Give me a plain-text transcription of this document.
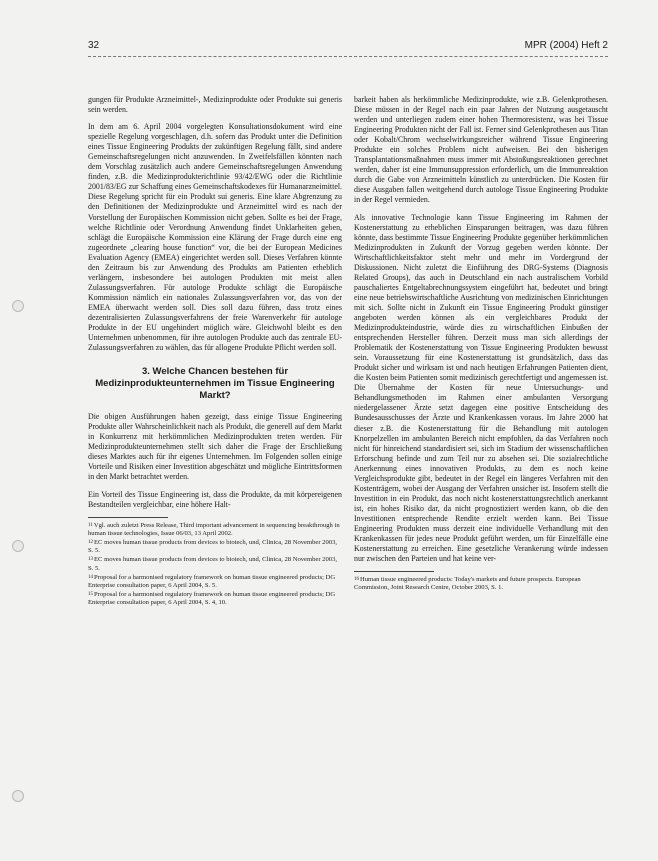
32	MPR (2004) Heft 2

gungen für Produkte Arzneimittel-, Medizinprodukte oder Produkte sui generis sein werden.

In dem am 6. April 2004 vorgelegten Konsultationsdokument wird eine spezielle Regelung vorgeschlagen, d.h. sofern das Produkt unter die Definition eines Tissue Engineering Produkts der zukünftigen Regelung fällt, sind andere Gemeinschaftsregelungen nicht anzuwenden. In Zweifelsfällen könnten nach dem Vorschlag zusätzlich auch andere Gemeinschaftsregelungen Anwendung finden, z.B. die Medizinprodukterichtlinie 93/42/EWG oder die Richtlinie 2001/83/EG zur Schaffung eines Gemeinschaftskodexes für Humanarzneimittel. Diese Regelung spricht für ein Produkt sui generis. Eine klare Abgrenzung zu den Definitionen der Medizinprodukte und Arzneimittel wird es nach der Vorstellung der Europäischen Kommission nicht geben. Sollte es bei der Frage, welche Richtlinie oder Verordnung Anwendung findet Unklarheiten geben, schlägt die Europäische Kommission eine Klärung der Frage durch eine eng zugeordnete „clearing house function“ vor, die bei der European Medicines Evaluation Agency (EMEA) eingerichtet werden soll. Dieses Verfahren könnte den Zeitraum bis zur Anwendung des Produkts am Patienten erheblich verlängern, insbesondere bei autologen Produkten mit meist allen Zulassungsverfahren. Für autologe Produkte schlägt die Europäische Kommission nämlich ein nationales Zulassungsverfahren vor, das von der EMEA überwacht werden soll. Dies soll dazu führen, dass trotz eines dezentralisierten Zulassungsverfahrens der freie Warenverkehr für autologe Produkte in der EU ungehindert möglich wäre. Gleichwohl bleibt es den Unternehmen unbenommen, für ihre autologen Produkte auch das zentrale EU-Zulassungsverfahren zu wählen, das für allogene Produkte Pflicht werden soll.

3. Welche Chancen bestehen für Medizinprodukteunternehmen im Tissue Engineering Markt?

Die obigen Ausführungen haben gezeigt, dass einige Tissue Engineering Produkte aller Wahrscheinlichkeit nach als Produkt, die generell auf dem Markt in Konkurrenz mit herkömmlichen Medizinprodukten treten werden. Für Medizinprodukteunternehmen stellt sich daher die Frage der Erschließung dieses Marktes auch für ihr eigenes Unternehmen. Im Folgenden sollen einige Vorteile und Risiken einer Investition abgeschätzt und mögliche Eintrittsformen in den Markt betrachtet werden.

Ein Vorteil des Tissue Engineering ist, dass die Produkte, da mit körpereigenen Bestandteilen vergleichbar, eine höhere Halt-

$^{11}$Vgl. auch zuletzt Press Release, Third important advancement in sequencing breakthrough in human tissue technologies, Issue 06/03, 13 April 2002.
$^{12}$EC moves human tissue products from devices to biotech, und, Clinica, 28 November 2003, S. 5.
$^{13}$EC moves human tissue products from devices to biotech, und, Clinica, 28 November 2003, S. 5.
$^{14}$Proposal for a harmonised regulatory framework on human tissue engineered products; DG Enterprise consultation paper, 6 April 2004, S. 5.
$^{15}$Proposal for a harmonised regulatory framework on human tissue engineered products; DG Enterprise consultation paper, 6 April 2004, S. 4, 10.

barkeit haben als herkömmliche Medizinprodukte, wie z.B. Gelenkprothesen. Diese müssen in der Regel nach ein paar Jahren der Nutzung ausgetauscht werden und unterliegen zudem einer hohen Thermoresistenz, was bei Tissue Engineering Produkten nicht der Fall ist. Ferner sind Gelenkprothesen aus Titan oder Kobalt/Chrom wechselwirkungsreicher während Tissue Engineering Produkte ein solches Problem nicht aufweisen. Bei den bisherigen Transplantationsmaßnahmen muss immer mit Abstoßungsreaktionen gerechnet werden, daher ist eine Immunsuppression erforderlich, um die Immunreaktion durch die Gabe von Arzneimitteln künstlich zu unterdrücken. Die Kosten für diese Ausgaben fallen weitgehend durch autologe Tissue Engineering Produkte in der Regel vermieden.

Als innovative Technologie kann Tissue Engineering im Rahmen der Kostenerstattung zu erheblichen Einsparungen beitragen, was dazu führen könnte, dass bestimmte Tissue Engineering Produkte gegenüber herkömmlichen Medizinprodukten in Zukunft der Vorzug gegeben werden könnte. Der Wirtschaftlichkeitsfaktor steht mehr und mehr im Vordergrund der Diskussionen. Nicht zuletzt die Einführung des DRG-Systems (Diagnosis Related Groups), das auch in Deutschland ein nach australischem Vorbild pauschaliertes Entgeltabrechnungssystem eingeführt hat, bedeutet und bringt eine neue betriebswirtschaftliche Ausrichtung von medizinischen Einrichtungen mit sich. Sollte nicht in Zukunft ein Tissue Engineering Produkt günstiger angeboten werden können als ein vergleichbares Produkt der Medizinprodukteindustrie, würde dies zu wirtschaftlichen Einbußen der entsprechenden Hersteller führen. Derzeit muss man sich allerdings der Problematik der Kostenerstattung von Tissue Engineering Produkten bewusst sein. Voraussetzung für eine Kostenerstattung ist grundsätzlich, dass das Produkt sicher und wirksam ist und nach heutigen Erfahrungen Patienten dient, die Kosten beim Patienten somit medizinisch gerechtfertigt und angemessen ist. Die Übernahme der Kosten für neue Untersuchungs- und Behandlungsmethoden im Rahmen einer ambulanten Versorgung niedergelassener Ärzte setzt dagegen eine positive Entscheidung des Bundesausschusses der Ärzte und Krankenkassen voraus. Im Jahre 2000 hat dieser z.B. die Kostenerstattung für die Behandlung mit autologen Knorpelzellen im ambulanten Bereich nicht empfohlen, da das Verfahren noch nicht für hinreichend standardisiert sei, sich im Stadium der wissenschaftlichen Erforschung befinde und zum Teil nur zu absehen sei. Die sozialrechtliche Anerkennung eines innovativen Produkts, zu dem es noch keine Vergleichsprodukte gibt, bedeutet in der Regel ein längeres Verfahren mit den Kostenträgern, wobei der Ausgang der Verfahren unsicher ist. Insofern stellt die Investition in ein Produkt, das noch nicht kostenerstattungsrechtlich anerkannt ist, ein hohes Risiko dar, da nicht prognostiziert werden kann, ob die den Investitionen entsprechende Rendite erzielt werden kann. Bei Tissue Engineering Produkten muss derzeit eine individuelle Verhandlung mit den Krankenkassen für jedes neue Produkt geführt werden, um für Einzelfälle eine Kostenerstattung zu erreichen. Eine gesetzliche Verankerung würde indessen nur zwischen den Parteien und hat keine ver-

$^{16}$Human tissue engineered products: Today's markets and future prospects. European Commission, Joint Research Centre, October 2003, S. 1.
